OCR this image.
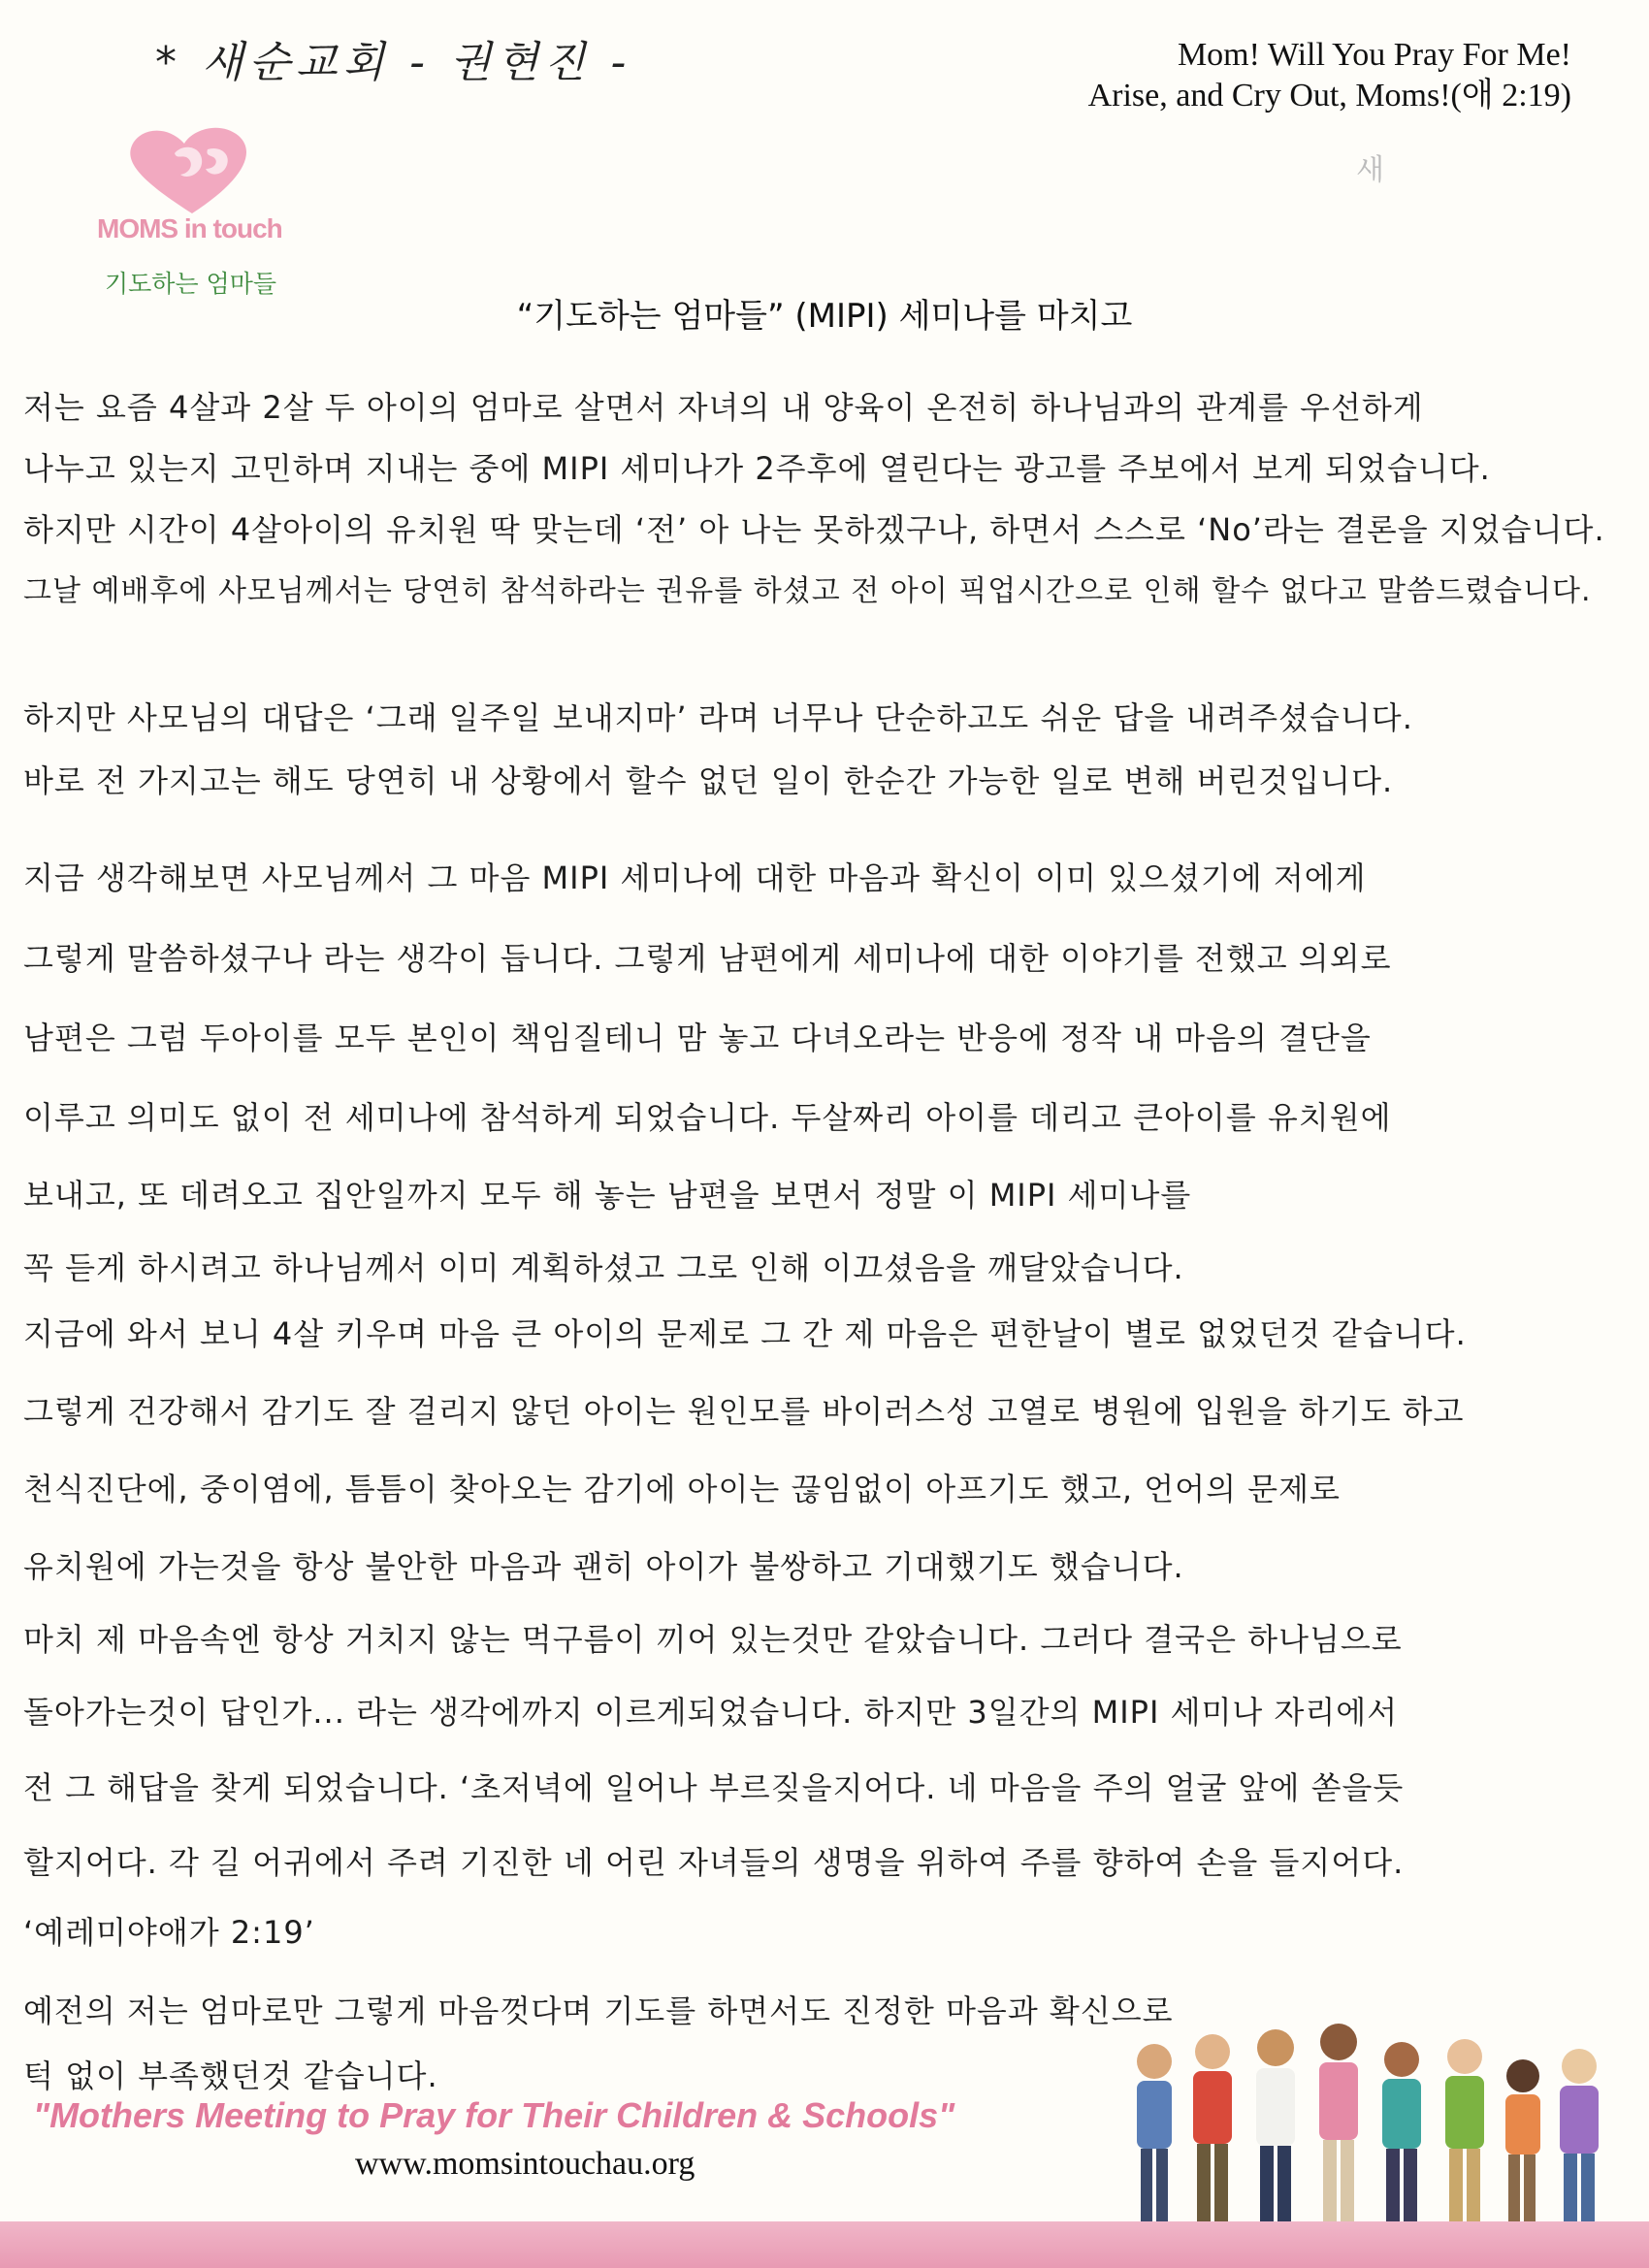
* 새순교회 - 권현진 -	Mom! Will You Pray For Me!
Arise, and Cry Out, Moms!(애 2:19)
새
MOMS in touch
기도하는 엄마들
“기도하는 엄마들” (MIPI) 세미나를 마치고
저는 요즘 4살과 2살 두 아이의 엄마로 살면서 자녀의 내 양육이 온전히 하나님과의 관계를 우선하게
나누고 있는지 고민하며 지내는 중에 MIPI 세미나가 2주후에 열린다는 광고를 주보에서 보게 되었습니다.
하지만 시간이 4살아이의 유치원 딱 맞는데 ‘전’ 아 나는 못하겠구나, 하면서 스스로 ‘No’라는 결론을 지었습니다.
그날 예배후에 사모님께서는 당연히 참석하라는 권유를 하셨고 전 아이 픽업시간으로 인해 할수 없다고 말씀드렸습니다.
하지만 사모님의 대답은 ‘그래 일주일 보내지마’ 라며 너무나 단순하고도 쉬운 답을 내려주셨습니다.
바로 전 가지고는 해도 당연히 내 상황에서 할수 없던 일이 한순간 가능한 일로 변해 버린것입니다.
지금 생각해보면 사모님께서 그 마음 MIPI 세미나에 대한 마음과 확신이 이미 있으셨기에 저에게
그렇게 말씀하셨구나 라는 생각이 듭니다. 그렇게 남편에게 세미나에 대한 이야기를 전했고 의외로
남편은 그럼 두아이를 모두 본인이 책임질테니 맘 놓고 다녀오라는 반응에 정작 내 마음의 결단을
이루고 의미도 없이 전 세미나에 참석하게 되었습니다. 두살짜리 아이를 데리고 큰아이를 유치원에
보내고, 또 데려오고 집안일까지 모두 해 놓는 남편을 보면서 정말 이 MIPI 세미나를
꼭 듣게 하시려고 하나님께서 이미 계획하셨고 그로 인해 이끄셨음을 깨달았습니다.
지금에 와서 보니 4살 키우며 마음 큰 아이의 문제로 그 간 제 마음은 편한날이 별로 없었던것 같습니다.
그렇게 건강해서 감기도 잘 걸리지 않던 아이는 원인모를 바이러스성 고열로 병원에 입원을 하기도 하고
천식진단에, 중이염에, 틈틈이 찾아오는 감기에 아이는 끊임없이 아프기도 했고, 언어의 문제로
유치원에 가는것을 항상 불안한 마음과 괜히 아이가 불쌍하고 기대했기도 했습니다.
마치 제 마음속엔 항상 거치지 않는 먹구름이 끼어 있는것만 같았습니다. 그러다 결국은 하나님으로
돌아가는것이 답인가... 라는 생각에까지 이르게되었습니다. 하지만 3일간의 MIPI 세미나 자리에서
전 그 해답을 찾게 되었습니다. ‘초저녁에 일어나 부르짖을지어다. 네 마음을 주의 얼굴 앞에 쏟을듯
할지어다. 각 길 어귀에서 주려 기진한 네 어린 자녀들의 생명을 위하여 주를 향하여 손을 들지어다.
‘예레미야애가 2:19’
예전의 저는 엄마로만 그렇게 마음껏다며 기도를 하면서도 진정한 마음과 확신으로
턱 없이 부족했던것 같습니다.
"Mothers Meeting to Pray for Their Children & Schools"
www.momsintouchau.org
